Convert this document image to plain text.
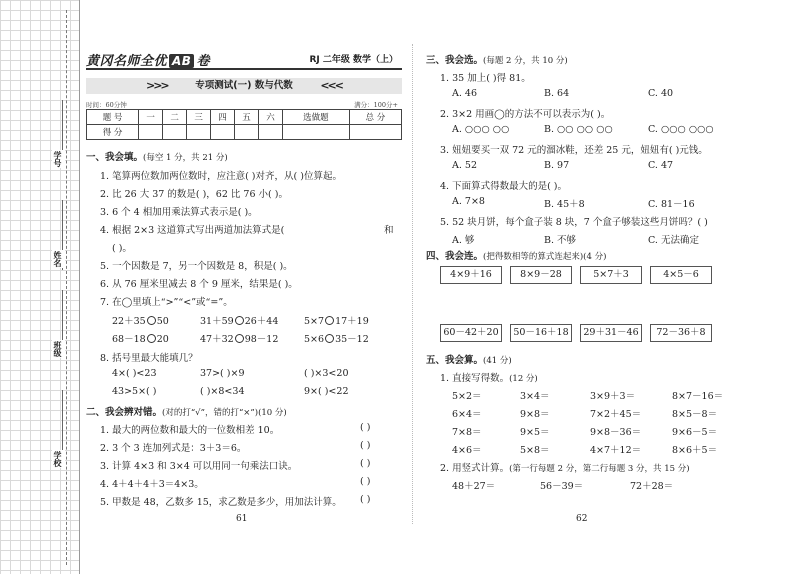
学号
姓名
班级
学校
黄冈名师全优 AB 卷	RJ 二年级 数学（上）
>>>	专项测试(一) 数与代数	<<<
时间：60分钟	满分：100分+
题 号	一	二	三	四	五	六	选做题	总 分
得 分								
一、我会填。(每空 1 分，共 21 分)
1. 笔算两位数加两位数时，应注意( )对齐，从( )位算起。
2. 比 26 大 37 的数是( )，62 比 76 小( )。
3. 6 个 4 相加用乘法算式表示是( )。
4. 根据 2×3 这道算式写出两道加法算式是(	和
( )。
5. 一个因数是 7，另一个因数是 8，积是( )。
6. 从 76 厘米里减去 8 个 9 厘米，结果是( )。
7. 在◯里填上“>”“<”或“=”。
22＋35 50	31＋59 26＋44	5×7 17＋19
68－18 20	47＋32 98－12	5×6 35－12
8. 括号里最大能填几？
4×( )<23	37>( )×9	( )×3<20
43>5×( )	( )×8<34	9×( )<22
二、我会辨对错。(对的打“√”，错的打“×”)(10 分)
1. 最大的两位数和最大的一位数相差 10。	( )
2. 3 个 3 连加列式是：3＋3＝6。	( )
3. 计算 4×3 和 3×4 可以用同一句乘法口诀。	( )
4. 4＋4＋4＋3＝4×3。	( )
5. 甲数是 48，乙数多 15，求乙数是多少，用加法计算。 ( )
61
三、我会选。(每题 2 分，共 10 分)
1. 35 加上( )得 81。
A. 46	B. 64	C. 40
2. 3×2 用画◯的方法不可以表示为( )。
A. ○○○ ○○	B. ○○ ○○ ○○	C. ○○○ ○○○
3. 妞妞要买一双 72 元的溜冰鞋，还差 25 元，妞妞有( )元钱。
A. 52	B. 97	C. 47
4. 下面算式得数最大的是( )。
A. 7×8	B. 45＋8	C. 81－16
5. 52 块月饼，每个盒子装 8 块，7 个盒子够装这些月饼吗？( )
A. 够	B. 不够	C. 无法确定
四、我会连。(把得数相等的算式连起来)(4 分)
4×9＋16	8×9－28	5×7＋3	4×5－6
60－42＋20	50－16＋18	29＋31－46	72－36＋8
五、我会算。(41 分)
1. 直接写得数。(12 分)
5×2＝	3×4＝	3×9＋3＝	8×7－16＝
6×4＝	9×8＝	7×2＋45＝	8×5－8＝
7×8＝	9×5＝	9×8－36＝	9×6－5＝
4×6＝	5×8＝	4×7＋12＝	8×6＋5＝
2. 用竖式计算。(第一行每题 2 分，第二行每题 3 分，共 15 分)
48＋27＝	56－39＝	72＋28＝
62
